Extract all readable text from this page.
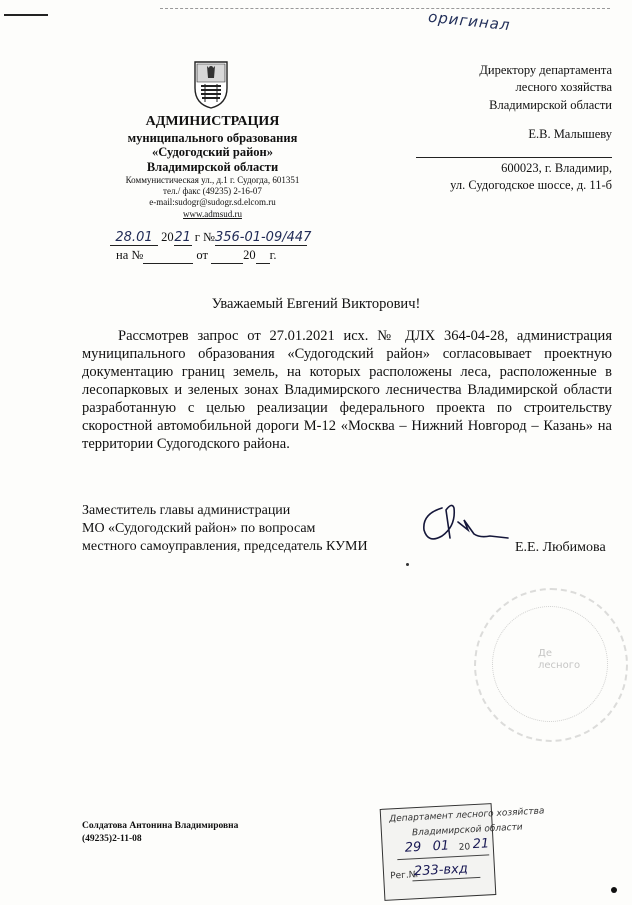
оригинал
АДМИНИСТРАЦИЯ
муниципального образования
«Судогодский район»
Владимирской области
Коммунистическая ул., д.1 г. Судогда, 601351
тел./ факс (49235) 2-16-07
e-mail:sudogr@sudogr.sd.elcom.ru
www.admsud.ru
28.01 2021 г №356-01-09/447
на №	от	20 г.
Директору департамента
лесного хозяйства
Владимирской области
Е.В. Малышеву
600023, г. Владимир,
ул. Судогодское шоссе, д. 11-б
Уважаемый Евгений Викторович!

Рассмотрев запрос от 27.01.2021 исх. № ДЛХ 364-04-28, администрация муниципального образования «Судогодский район» согласовывает проектную документацию границ земель, на которых расположены леса, расположенные в лесопарковых и зеленых зонах Владимирского лесничества Владимирской области разработанную с целью реализации федерального проекта по строительству скоростной автомобильной дороги М-12 «Москва – Нижний Новгород – Казань» на территории Судогодского района.

Заместитель главы администрации
МО «Судогодский район» по вопросам
местного самоуправления, председатель КУМИ	Е.Е. Любимова
Де
лесного
Солдатова Антонина Владимировна
(49235)2-11-08
Департамент лесного хозяйства
Владимирской области
29 01 20 21
Рег.№
233-вхд
